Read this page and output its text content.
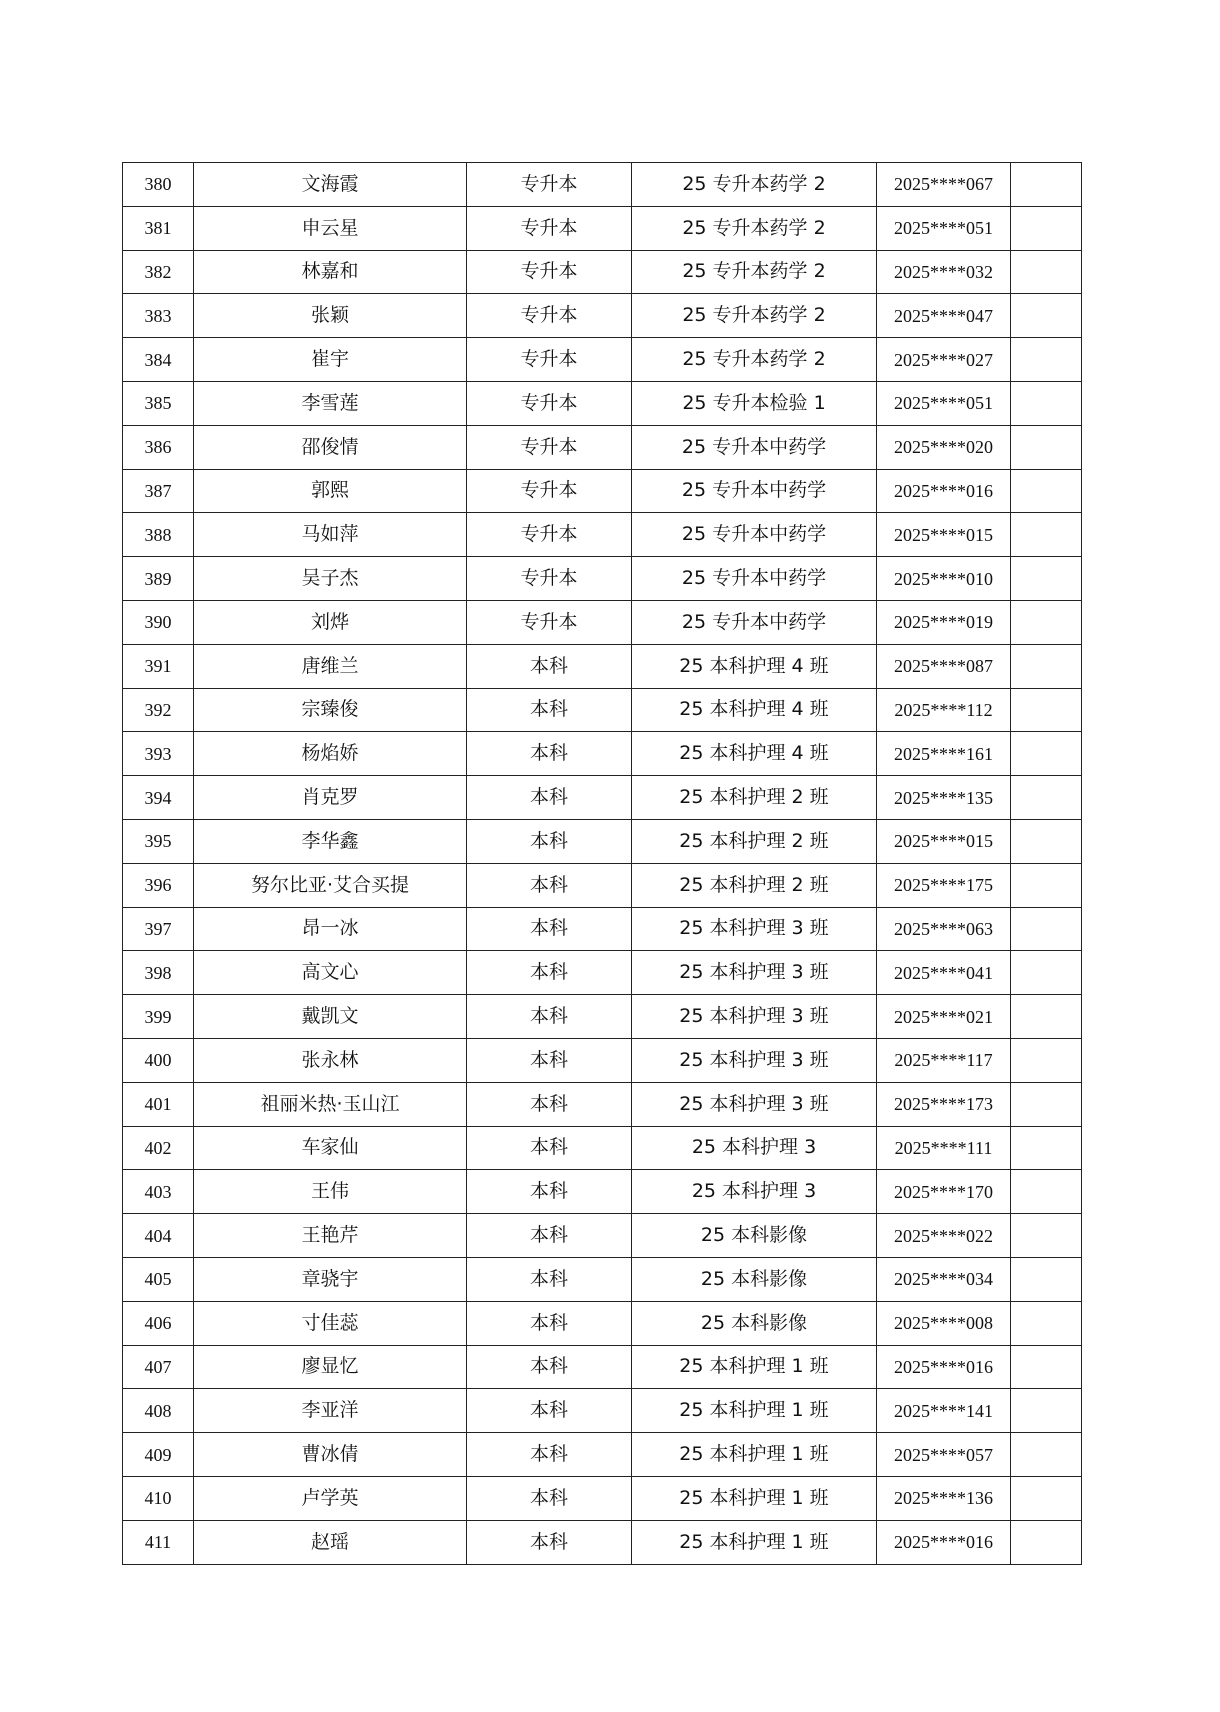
380	文海霞	专升本	25 专升本药学 2	2025****067	
381	申云星	专升本	25 专升本药学 2	2025****051	
382	林嘉和	专升本	25 专升本药学 2	2025****032	
383	张颖	专升本	25 专升本药学 2	2025****047	
384	崔宇	专升本	25 专升本药学 2	2025****027	
385	李雪莲	专升本	25 专升本检验 1	2025****051	
386	邵俊情	专升本	25 专升本中药学	2025****020	
387	郭熙	专升本	25 专升本中药学	2025****016	
388	马如萍	专升本	25 专升本中药学	2025****015	
389	吴子杰	专升本	25 专升本中药学	2025****010	
390	刘烨	专升本	25 专升本中药学	2025****019	
391	唐维兰	本科	25 本科护理 4 班	2025****087	
392	宗臻俊	本科	25 本科护理 4 班	2025****112	
393	杨焰娇	本科	25 本科护理 4 班	2025****161	
394	肖克罗	本科	25 本科护理 2 班	2025****135	
395	李华鑫	本科	25 本科护理 2 班	2025****015	
396	努尔比亚·艾合买提	本科	25 本科护理 2 班	2025****175	
397	昂一冰	本科	25 本科护理 3 班	2025****063	
398	高文心	本科	25 本科护理 3 班	2025****041	
399	戴凯文	本科	25 本科护理 3 班	2025****021	
400	张永林	本科	25 本科护理 3 班	2025****117	
401	祖丽米热·玉山江	本科	25 本科护理 3 班	2025****173	
402	车家仙	本科	25 本科护理 3	2025****111	
403	王伟	本科	25 本科护理 3	2025****170	
404	王艳芹	本科	25 本科影像	2025****022	
405	章骁宇	本科	25 本科影像	2025****034	
406	寸佳蕊	本科	25 本科影像	2025****008	
407	廖显忆	本科	25 本科护理 1 班	2025****016	
408	李亚洋	本科	25 本科护理 1 班	2025****141	
409	曹冰倩	本科	25 本科护理 1 班	2025****057	
410	卢学英	本科	25 本科护理 1 班	2025****136	
411	赵瑶	本科	25 本科护理 1 班	2025****016	
